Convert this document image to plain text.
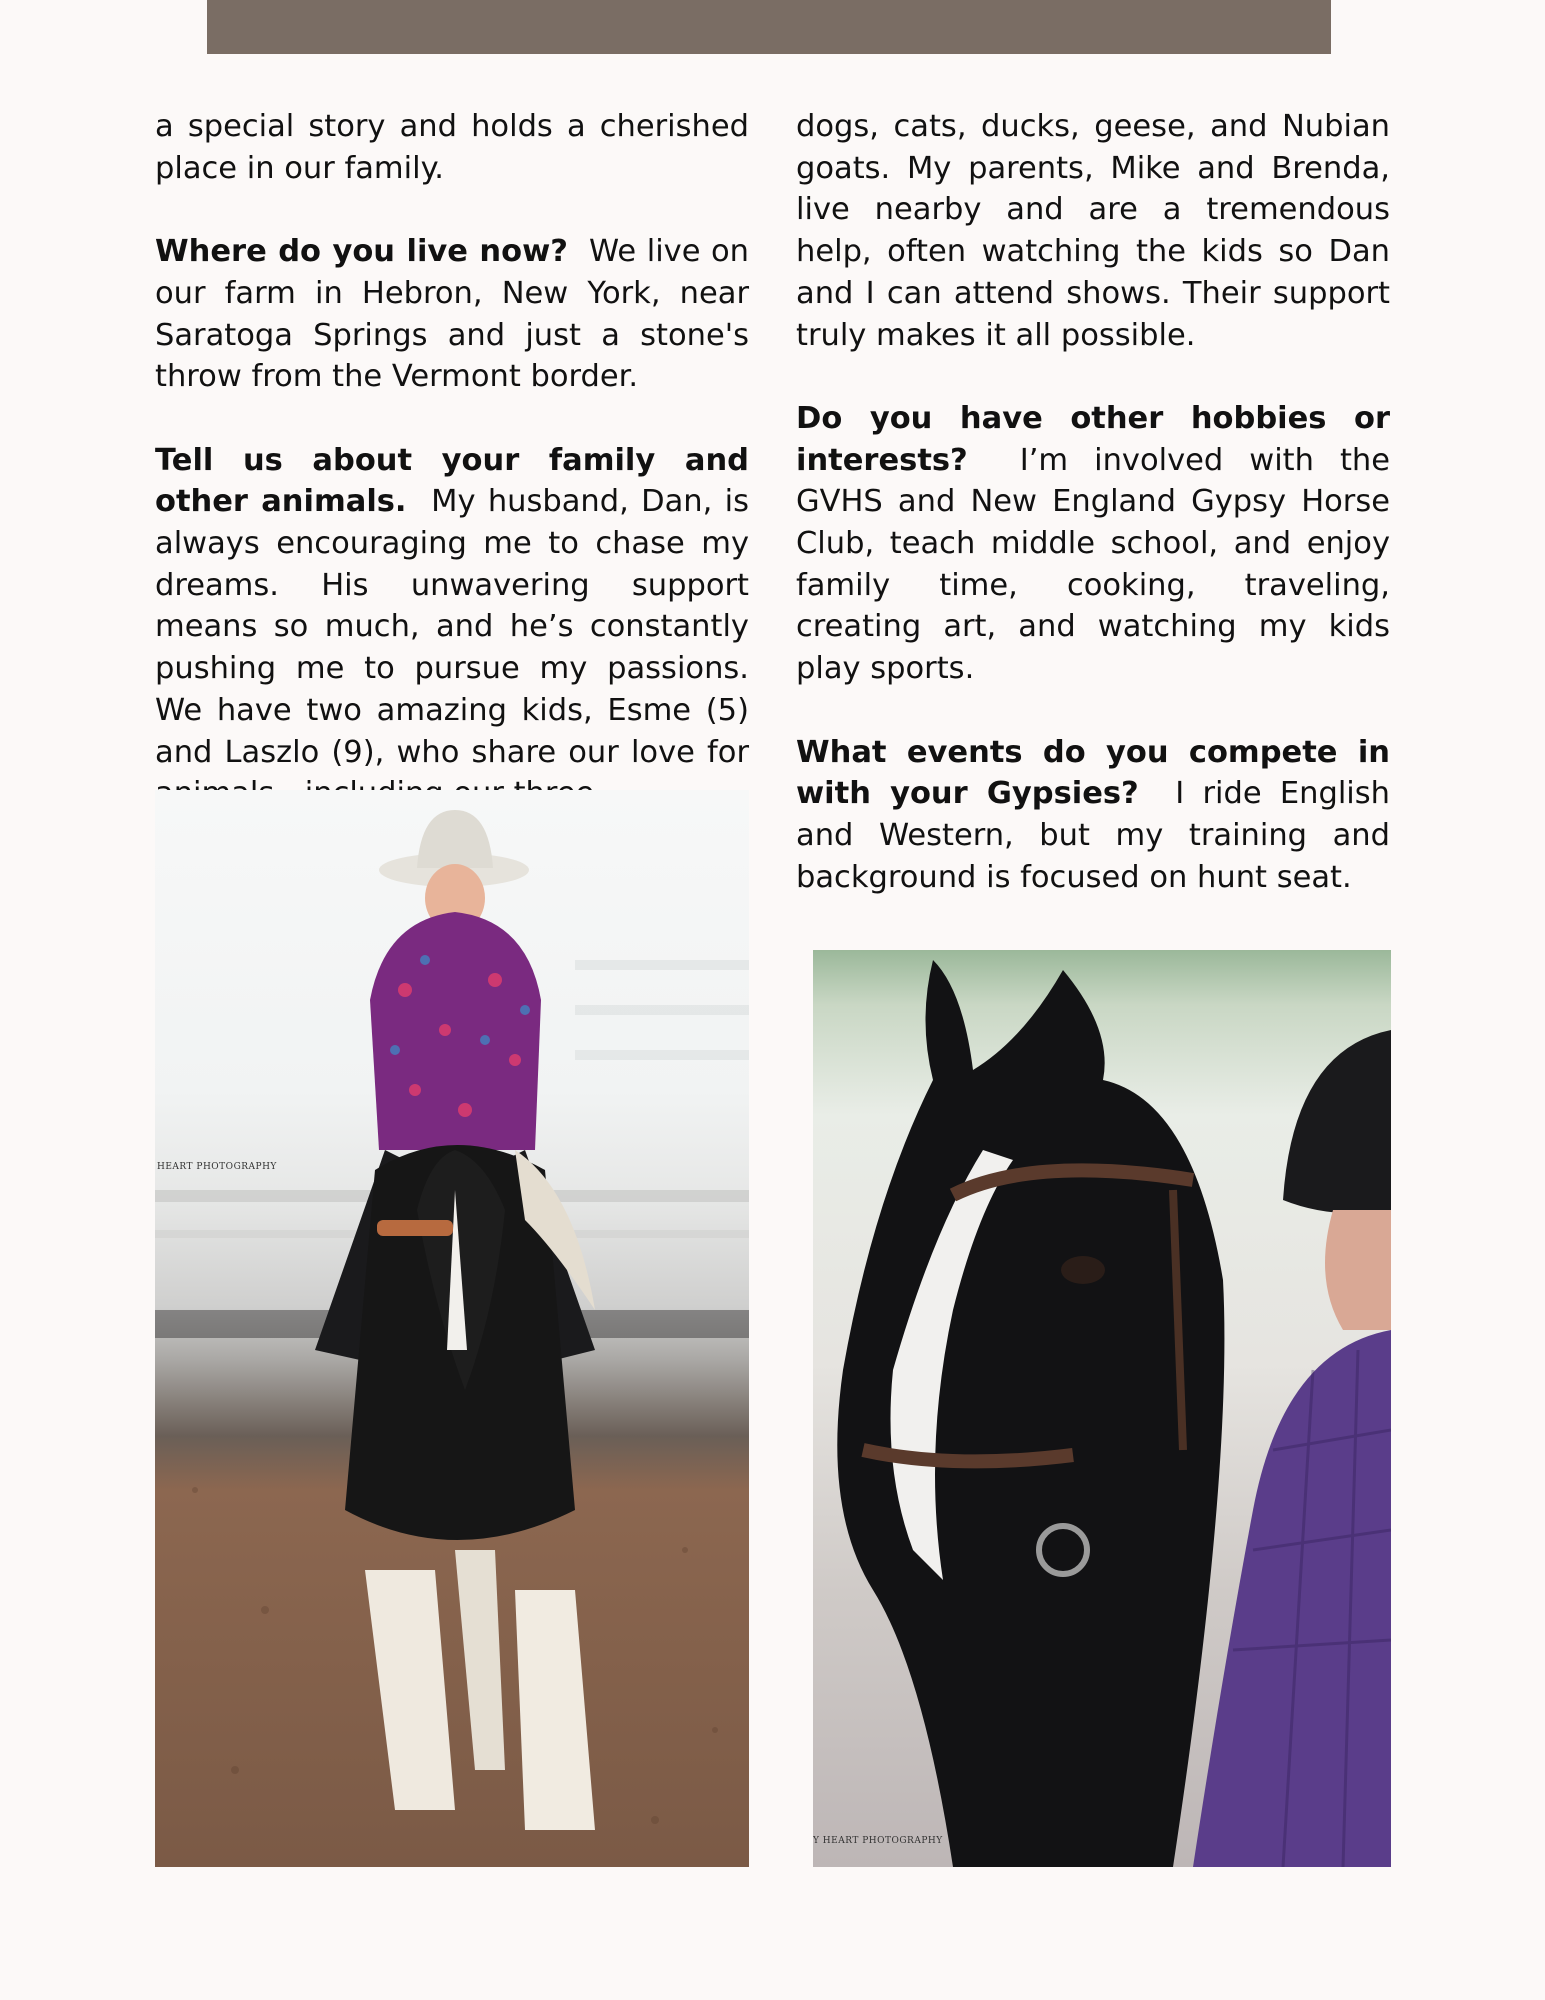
a special story and holds a cherished place in our family.

Where do you live now? We live on our farm in Hebron, New York, near Saratoga Springs and just a stone's throw from the Vermont border.

Tell us about your family and other animals. My husband, Dan, is always encouraging me to chase my dreams. His unwavering support means so much, and he’s constantly pushing me to pursue my passions. We have two amazing kids, Esme (5) and Laszlo (9), who share our love for

dogs, cats, ducks, geese, and Nubian goats. My parents, Mike and Brenda, live nearby and are a tremendous help, often watching the kids so Dan and I can attend shows. Their support truly makes it all possible.

Do you have other hobbies or interests? I’m involved with the GVHS and New England Gypsy Horse Club, teach middle school, and enjoy family time, cooking, traveling, creating art, and watching my kids play sports.

What events do you compete in with your Gypsies? I ride English and Western, but my training and background is focused on hunt seat.

HEART PHOTOGRAPHY
Y HEART PHOTOGRAPHY
